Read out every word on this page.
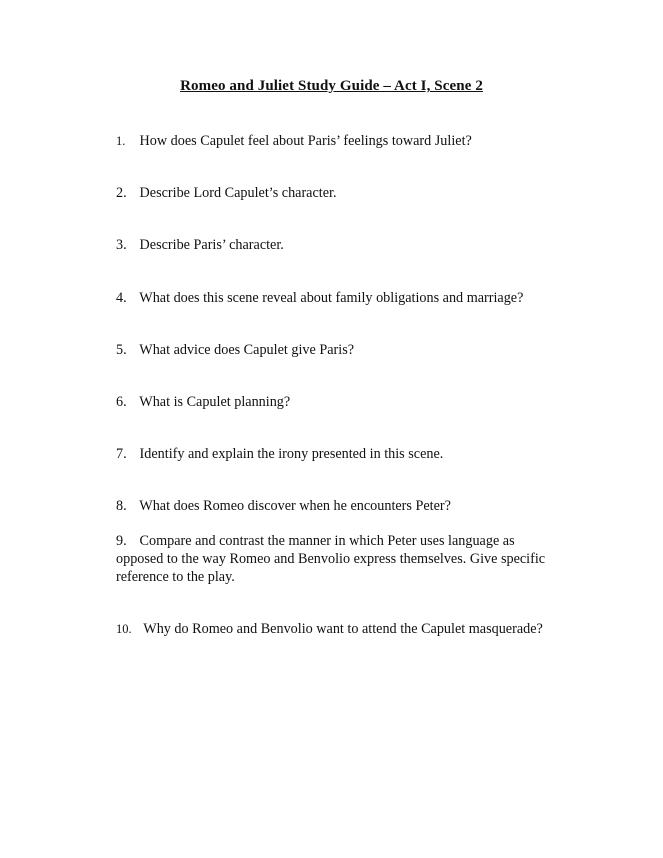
Romeo and Juliet Study Guide – Act I, Scene 2

1. How does Capulet feel about Paris’ feelings toward Juliet?

2. Describe Lord Capulet’s character.

3. Describe Paris’ character.

4. What does this scene reveal about family obligations and marriage?

5. What advice does Capulet give Paris?

6. What is Capulet planning?

7. Identify and explain the irony presented in this scene.

8. What does Romeo discover when he encounters Peter?

9. Compare and contrast the manner in which Peter uses language as opposed to the way Romeo and Benvolio express themselves. Give specific reference to the play.

10. Why do Romeo and Benvolio want to attend the Capulet masquerade?
